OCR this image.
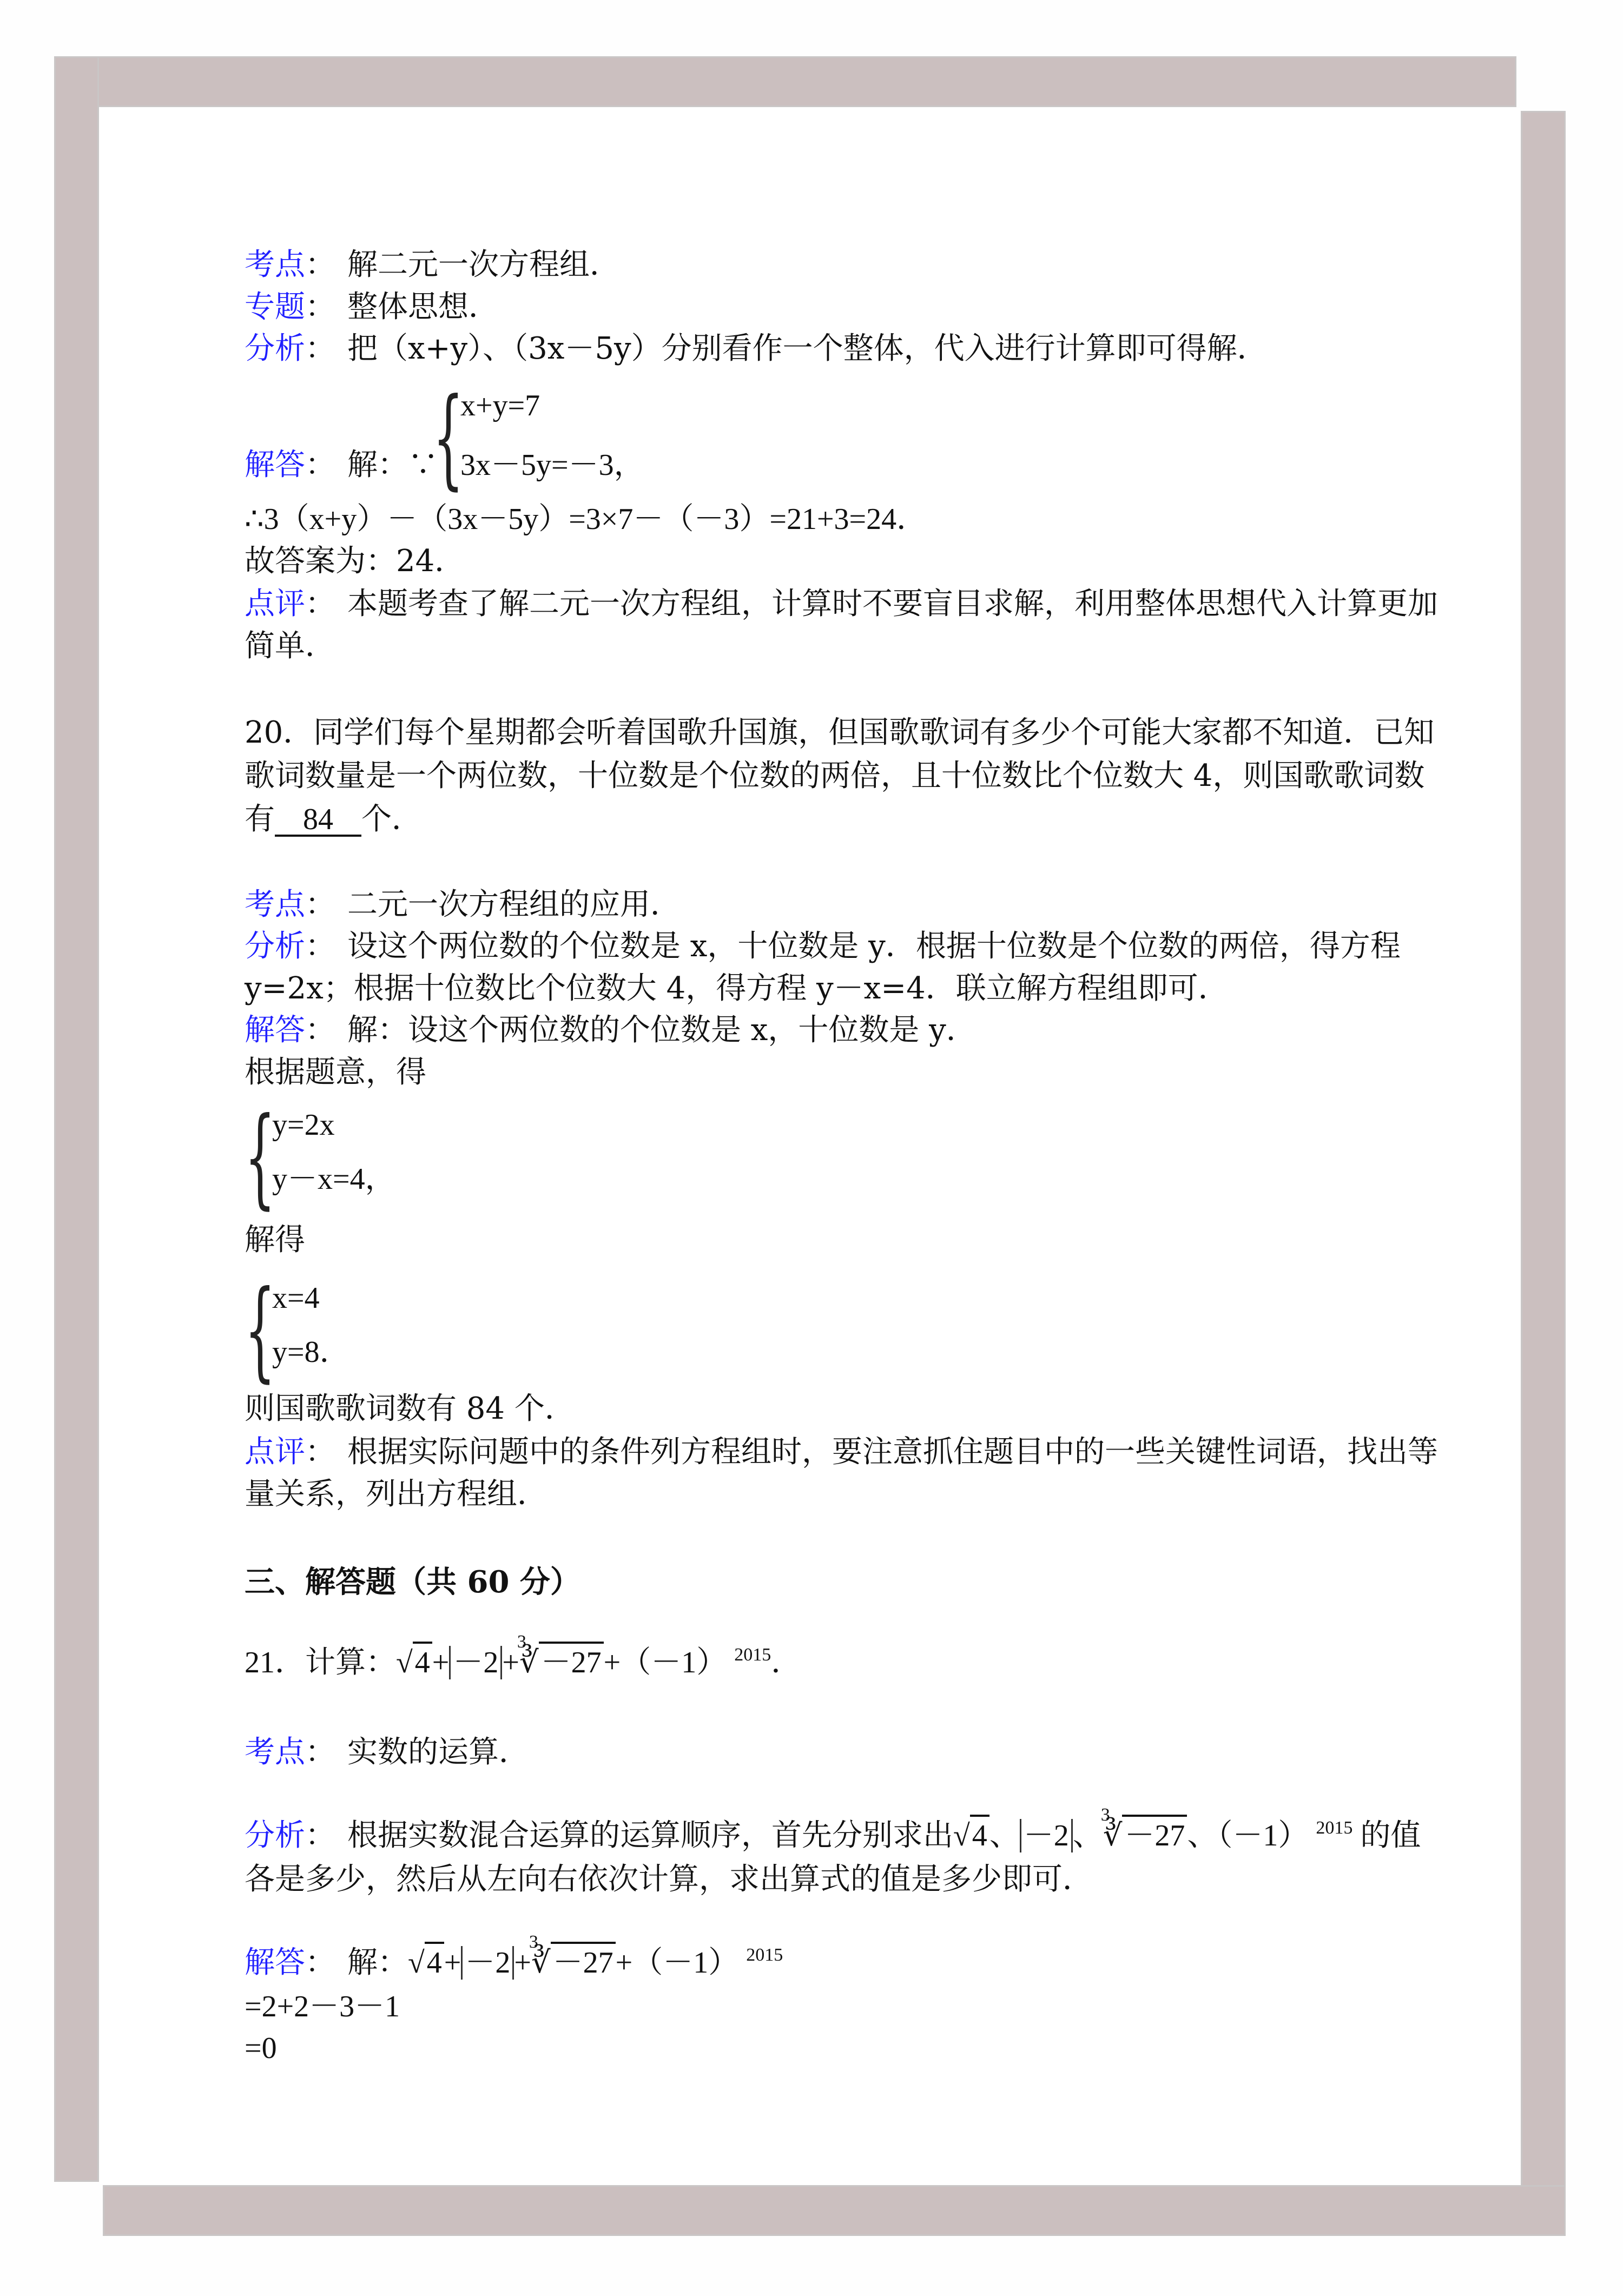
考点： 解二元一次方程组．
专题： 整体思想．
分析： 把（x+y）、（3x－5y）分别看作一个整体，代入进行计算即可得解．
解答： 解：∵
{
x+y=7
3x－5y=－3，
∴3（x+y）－（3x－5y）=3×7－（－3）=21+3=24．
故答案为：24．
点评： 本题考查了解二元一次方程组，计算时不要盲目求解，利用整体思想代入计算更加
简单．
20．同学们每个星期都会听着国歌升国旗，但国歌歌词有多少个可能大家都不知道．已知
歌词数量是一个两位数，十位数是个位数的两倍，且十位数比个位数大 4，则国歌歌词数
有 84 个．
考点： 二元一次方程组的应用．
分析： 设这个两位数的个位数是 x，十位数是 y．根据十位数是个位数的两倍，得方程
y=2x；根据十位数比个位数大 4，得方程 y－x=4．联立解方程组即可．
解答： 解：设这个两位数的个位数是 x，十位数是 y．
根据题意，得
{
y=2x
y－x=4，
解得
{
x=4
y=8．
则国歌歌词数有 84 个．
点评： 根据实际问题中的条件列方程组时，要注意抓住题目中的一些关键性词语，找出等
量关系，列出方程组．
三、解答题（共 60 分）
21．计算：√4+ －2 +
3
∛－27+（－1） $^{2015}$．
考点： 实数的运算．
分析： 根据实数混合运算的运算顺序，首先分别求出√4、 －2 、
3
∛－27、（－1） $^{2015}$ 的值
各是多少，然后从左向右依次计算，求出算式的值是多少即可．
解答： 解：√4+ －2 +
3
∛－27+（－1） $^{2015}$
=2+2－3－1
=0
